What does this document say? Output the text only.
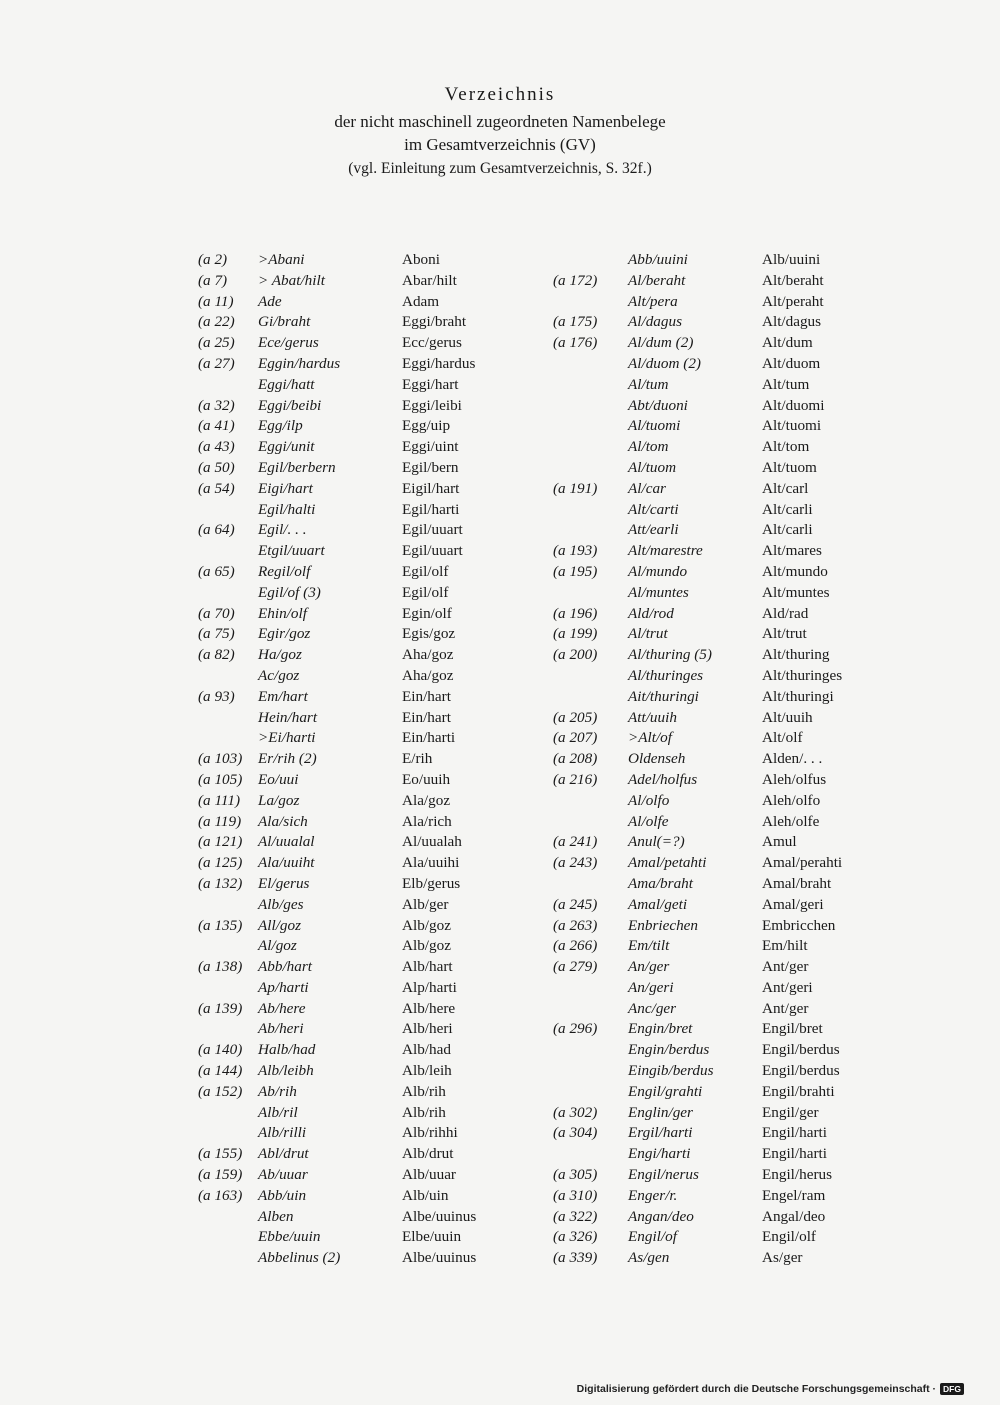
Verzeichnis
der nicht maschinell zugeordneten Namenbelege
im Gesamtverzeichnis (GV)
(vgl. Einleitung zum Gesamtverzeichnis, S. 32f.)
(a 2)
(a 7)
(a 11)
(a 22)
(a 25)
(a 27)
(a 32)
(a 41)
(a 43)
(a 50)
(a 54)
(a 64)
(a 65)
(a 70)
(a 75)
(a 82)
(a 93)
(a 103)
(a 105)
(a 111)
(a 119)
(a 121)
(a 125)
(a 132)
(a 135)
(a 138)
(a 139)
(a 140)
(a 144)
(a 152)
(a 155)
(a 159)
(a 163)
>Abani
> Abat/hilt
Ade
Gi/braht
Ece/gerus
Eggin/hardus
Eggi/hatt
Eggi/beibi
Egg/ilp
Eggi/unit
Egil/berbern
Eigi/hart
Egil/halti
Egil/. . .
Etgil/uuart
Regil/olf
Egil/of (3)
Ehin/olf
Egir/goz
Ha/goz
Ac/goz
Em/hart
Hein/hart
>Ei/harti
Er/rih (2)
Eo/uui
La/goz
Ala/sich
Al/uualal
Ala/uuiht
El/gerus
Alb/ges
All/goz
Al/goz
Abb/hart
Ap/harti
Ab/here
Ab/heri
Halb/had
Alb/leibh
Ab/rih
Alb/ril
Alb/rilli
Abl/drut
Ab/uuar
Abb/uin
Alben
Ebbe/uuin
Abbelinus (2)
Aboni
Abar/hilt
Adam
Eggi/braht
Ecc/gerus
Eggi/hardus
Eggi/hart
Eggi/leibi
Egg/uip
Eggi/uint
Egil/bern
Eigil/hart
Egil/harti
Egil/uuart
Egil/uuart
Egil/olf
Egil/olf
Egin/olf
Egis/goz
Aha/goz
Aha/goz
Ein/hart
Ein/hart
Ein/harti
E/rih
Eo/uuih
Ala/goz
Ala/rich
Al/uualah
Ala/uuihi
Elb/gerus
Alb/ger
Alb/goz
Alb/goz
Alb/hart
Alp/harti
Alb/here
Alb/heri
Alb/had
Alb/leih
Alb/rih
Alb/rih
Alb/rihhi
Alb/drut
Alb/uuar
Alb/uin
Albe/uuinus
Elbe/uuin
Albe/uuinus
(a 172)
(a 175)
(a 176)
(a 191)
(a 193)
(a 195)
(a 196)
(a 199)
(a 200)
(a 205)
(a 207)
(a 208)
(a 216)
(a 241)
(a 243)
(a 245)
(a 263)
(a 266)
(a 279)
(a 296)
(a 302)
(a 304)
(a 305)
(a 310)
(a 322)
(a 326)
(a 339)
Abb/uuini
Al/beraht
Alt/pera
Al/dagus
Al/dum (2)
Al/duom (2)
Al/tum
Abt/duoni
Al/tuomi
Al/tom
Al/tuom
Al/car
Alt/carti
Att/earli
Alt/marestre
Al/mundo
Al/muntes
Ald/rod
Al/trut
Al/thuring (5)
Al/thuringes
Ait/thuringi
Att/uuih
>Alt/of
Oldenseh
Adel/holfus
Al/olfo
Al/olfe
Anul(=?)
Amal/petahti
Ama/braht
Amal/geti
Enbriechen
Em/tilt
An/ger
An/geri
Anc/ger
Engin/bret
Engin/berdus
Eingib/berdus
Engil/grahti
Englin/ger
Ergil/harti
Engi/harti
Engil/nerus
Enger/r.
Angan/deo
Engil/of
As/gen
Alb/uuini
Alt/beraht
Alt/peraht
Alt/dagus
Alt/dum
Alt/duom
Alt/tum
Alt/duomi
Alt/tuomi
Alt/tom
Alt/tuom
Alt/carl
Alt/carli
Alt/carli
Alt/mares
Alt/mundo
Alt/muntes
Ald/rad
Alt/trut
Alt/thuring
Alt/thuringes
Alt/thuringi
Alt/uuih
Alt/olf
Alden/. . .
Aleh/olfus
Aleh/olfo
Aleh/olfe
Amul
Amal/perahti
Amal/braht
Amal/geri
Embricchen
Em/hilt
Ant/ger
Ant/geri
Ant/ger
Engil/bret
Engil/berdus
Engil/berdus
Engil/brahti
Engil/ger
Engil/harti
Engil/harti
Engil/herus
Engel/ram
Angal/deo
Engil/olf
As/ger
Digitalisierung gefördert durch die Deutsche Forschungsgemeinschaft · DFG
